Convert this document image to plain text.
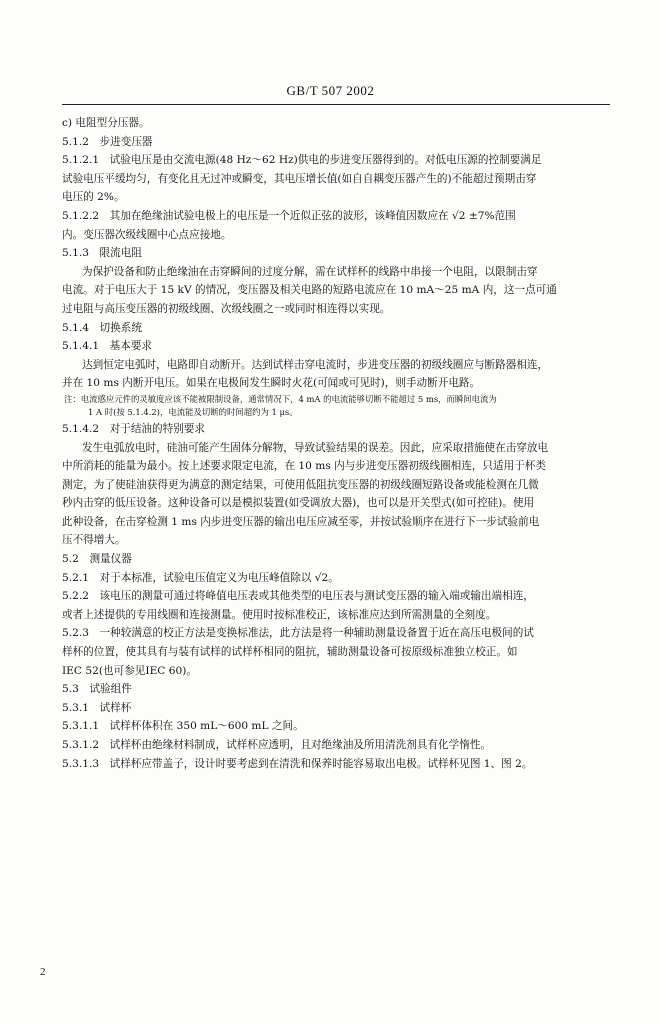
GB/T 507 2002
c) 电阻型分压器。
5.1.2　步进变压器
5.1.2.1　试验电压是由交流电源(48 Hz～62 Hz)供电的步进变压器得到的。对低电压源的控制要满足
试验电压平缓均匀，有变化且无过冲或瞬变，其电压增长值(如自自耦变压器产生的)不能超过预期击穿
电压的 2%。
5.1.2.2　其加在绝缘油试验电极上的电压是一个近似正弦的波形，该峰值因数应在 √2 ±7%范围
内。变压器次级线圈中心点应接地。
5.1.3　限流电阻
为保护设备和防止绝缘油在击穿瞬间的过度分解，需在试样杯的线路中串接一个电阻，以限制击穿
电流。对于电压大于 15 kV 的情况，变压器及相关电路的短路电流应在 10 mA～25 mA 内，这一点可通
过电阻与高压变压器的初级线圈、次级线圈之一或同时相连得以实现。
5.1.4　切换系统
5.1.4.1　基本要求
达到恒定电弧时，电路即自动断开。达到试样击穿电流时，步进变压器的初级线圈应与断路器相连，
并在 10 ms 内断开电压。如果在电极间发生瞬时火花(可闻或可见时)，则手动断开电路。
注：电流感应元件的灵敏度应该不能被限制设备，通常情况下，4 mA 的电流能够切断不能超过 5 ms，而瞬间电流为
1 A 时(按 5.1.4.2)，电流能及切断的时间超约为 1 μs。
5.1.4.2　对于结油的特别要求
发生电弧放电时，硅油可能产生固体分解物，导致试验结果的误差。因此，应采取措施使在击穿放电
中所消耗的能量为最小。按上述要求限定电流，在 10 ms 内与步进变压器初级线圈相连，只适用于杯类
测定，为了使硅油获得更为满意的测定结果，可使用低阻抗变压器的初级线圈短路设备或能检测在几微
秒内击穿的低压设备。这种设备可以是模拟装置(如受调放大器)，也可以是开关型式(如可控硅)。使用
此种设备，在击穿检测 1 ms 内步进变压器的输出电压应减至零，并按试验顺序在进行下一步试验前电
压不得增大。
5.2　测量仪器
5.2.1　对于本标准，试验电压值定义为电压峰值除以 √2。
5.2.2　该电压的测量可通过将峰值电压表或其他类型的电压表与测试变压器的输入端或输出端相连，
或者上述提供的专用线圈和连接测量。使用时按标准校正，该标准应达到所需测量的全刻度。
5.2.3　一种较满意的校正方法是变换标准法，此方法是将一种辅助测量设备置于近在高压电极间的试
样杯的位置，使其具有与装有试样的试样杯相同的阻抗，辅助测量设备可按原级标准独立校正。如
IEC 52(也可参见IEC 60)。
5.3　试验组件
5.3.1　试样杯
5.3.1.1　试样杯体积在 350 mL～600 mL 之间。
5.3.1.2　试样杯由绝缘材料制成，试样杯应透明，且对绝缘油及所用清洗剂具有化学惰性。
5.3.1.3　试样杯应带盖子，设计时要考虑到在清洗和保养时能容易取出电极。试样杯见图 1、图 2。
2
